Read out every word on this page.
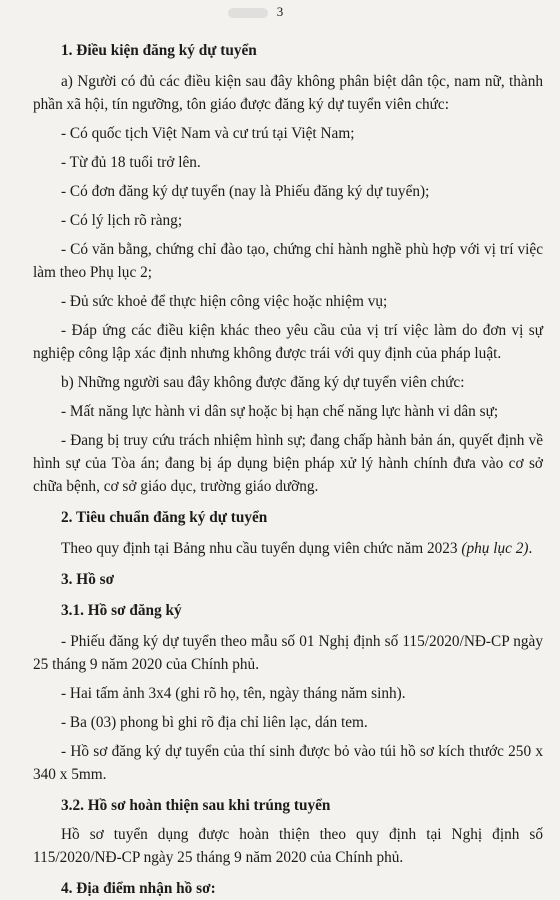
3

1. Điều kiện đăng ký dự tuyển

a) Người có đủ các điều kiện sau đây không phân biệt dân tộc, nam nữ, thành phần xã hội, tín ngưỡng, tôn giáo được đăng ký dự tuyển viên chức:

- Có quốc tịch Việt Nam và cư trú tại Việt Nam;

- Từ đủ 18 tuổi trở lên.

- Có đơn đăng ký dự tuyển (nay là Phiếu đăng ký dự tuyển);

- Có lý lịch rõ ràng;

- Có văn bằng, chứng chỉ đào tạo, chứng chỉ hành nghề phù hợp với vị trí việc làm theo Phụ lục 2;

- Đủ sức khoẻ để thực hiện công việc hoặc nhiệm vụ;

- Đáp ứng các điều kiện khác theo yêu cầu của vị trí việc làm do đơn vị sự nghiệp công lập xác định nhưng không được trái với quy định của pháp luật.

b) Những người sau đây không được đăng ký dự tuyển viên chức:

- Mất năng lực hành vi dân sự hoặc bị hạn chế năng lực hành vi dân sự;

- Đang bị truy cứu trách nhiệm hình sự; đang chấp hành bản án, quyết định về hình sự của Tòa án; đang bị áp dụng biện pháp xử lý hành chính đưa vào cơ sở chữa bệnh, cơ sở giáo dục, trường giáo dưỡng.

2. Tiêu chuẩn đăng ký dự tuyển

Theo quy định tại Bảng nhu cầu tuyển dụng viên chức năm 2023 (phụ lục 2).

3. Hồ sơ

3.1. Hồ sơ đăng ký

- Phiếu đăng ký dự tuyển theo mẫu số 01 Nghị định số 115/2020/NĐ-CP ngày 25 tháng 9 năm 2020 của Chính phủ.

- Hai tấm ảnh 3x4 (ghi rõ họ, tên, ngày tháng năm sinh).

- Ba (03) phong bì ghi rõ địa chỉ liên lạc, dán tem.

- Hồ sơ đăng ký dự tuyển của thí sinh được bỏ vào túi hồ sơ kích thước 250 x 340 x 5mm.

3.2. Hồ sơ hoàn thiện sau khi trúng tuyển

Hồ sơ tuyển dụng được hoàn thiện theo quy định tại Nghị định số 115/2020/NĐ-CP ngày 25 tháng 9 năm 2020 của Chính phủ.

4. Địa điểm nhận hồ sơ:
